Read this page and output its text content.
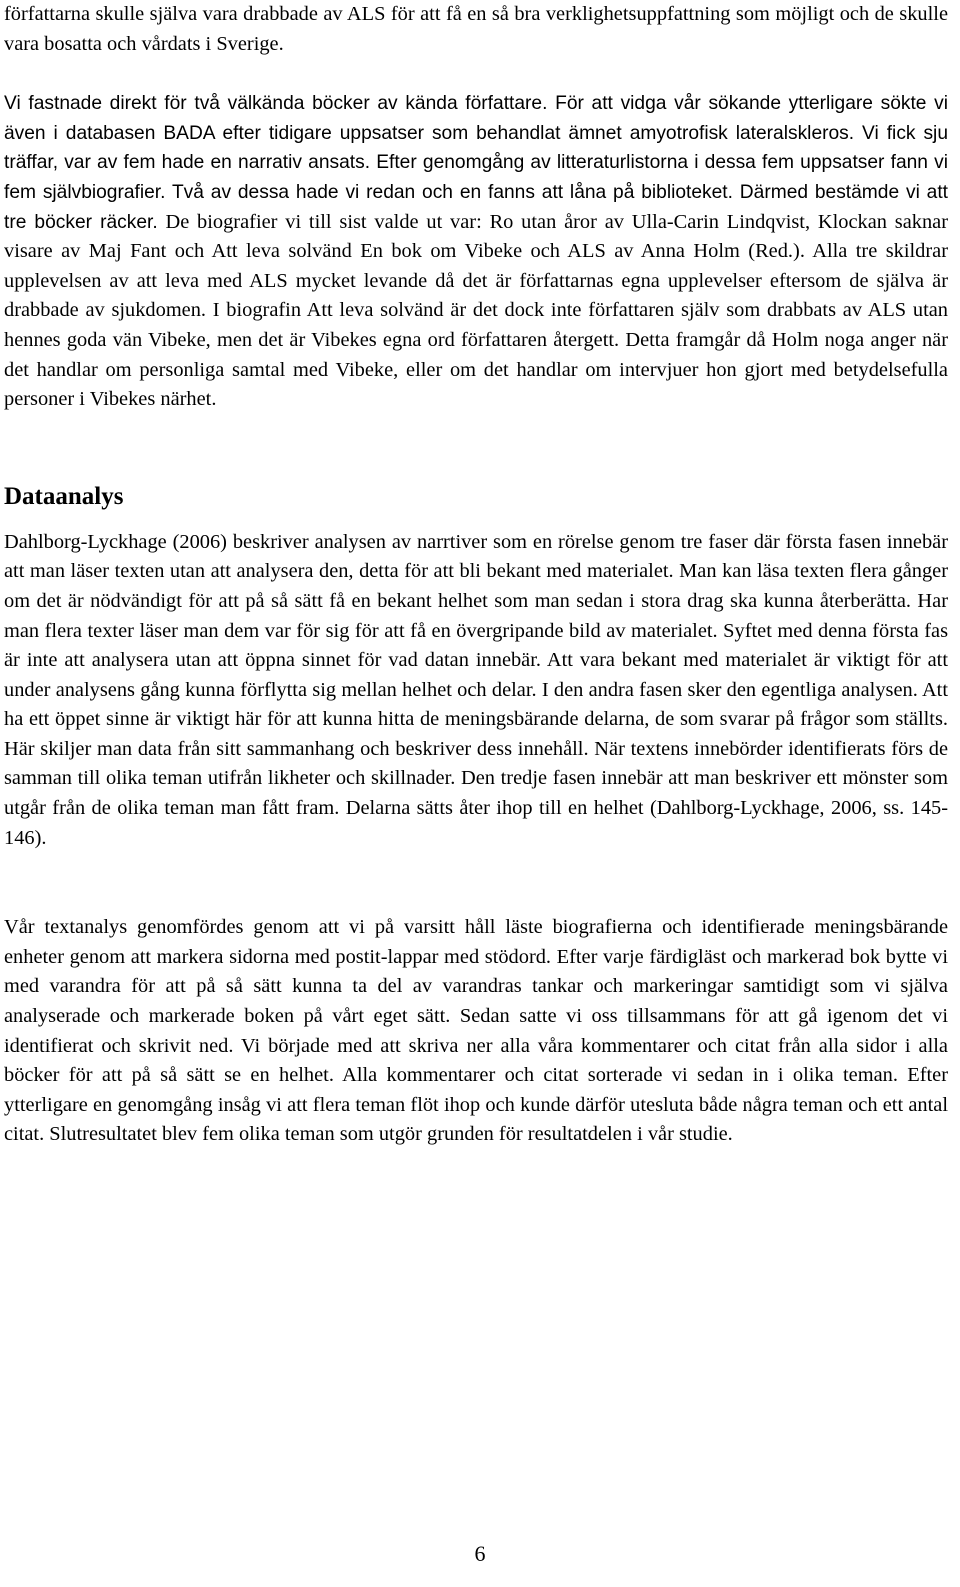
författarna skulle själva vara drabbade av ALS för att få en så bra verklighetsuppfattning som möjligt och de skulle vara bosatta och vårdats i Sverige.

Vi fastnade direkt för två välkända böcker av kända författare. För att vidga vår sökande ytterligare sökte vi även i databasen BADA efter tidigare uppsatser som behandlat ämnet amyotrofisk lateralskleros. Vi fick sju träffar, var av fem hade en narrativ ansats. Efter genomgång av litteraturlistorna i dessa fem uppsatser fann vi fem självbiografier. Två av dessa hade vi redan och en fanns att låna på biblioteket. Därmed bestämde vi att tre böcker räcker. De biografier vi till sist valde ut var: Ro utan åror av Ulla-Carin Lindqvist, Klockan saknar visare av Maj Fant och Att leva solvänd En bok om Vibeke och ALS av Anna Holm (Red.). Alla tre skildrar upplevelsen av att leva med ALS mycket levande då det är författarnas egna upplevelser eftersom de själva är drabbade av sjukdomen. I biografin Att leva solvänd är det dock inte författaren själv som drabbats av ALS utan hennes goda vän Vibeke, men det är Vibekes egna ord författaren återgett. Detta framgår då Holm noga anger när det handlar om personliga samtal med Vibeke, eller om det handlar om intervjuer hon gjort med betydelsefulla personer i Vibekes närhet.

Dataanalys

Dahlborg-Lyckhage (2006) beskriver analysen av narrtiver som en rörelse genom tre faser där första fasen innebär att man läser texten utan att analysera den, detta för att bli bekant med materialet. Man kan läsa texten flera gånger om det är nödvändigt för att på så sätt få en bekant helhet som man sedan i stora drag ska kunna återberätta. Har man flera texter läser man dem var för sig för att få en övergripande bild av materialet. Syftet med denna första fas är inte att analysera utan att öppna sinnet för vad datan innebär. Att vara bekant med materialet är viktigt för att under analysens gång kunna förflytta sig mellan helhet och delar. I den andra fasen sker den egentliga analysen. Att ha ett öppet sinne är viktigt här för att kunna hitta de meningsbärande delarna, de som svarar på frågor som ställts. Här skiljer man data från sitt sammanhang och beskriver dess innehåll. När textens innebörder identifierats förs de samman till olika teman utifrån likheter och skillnader. Den tredje fasen innebär att man beskriver ett mönster som utgår från de olika teman man fått fram. Delarna sätts åter ihop till en helhet (Dahlborg-Lyckhage, 2006, ss. 145-146).

Vår textanalys genomfördes genom att vi på varsitt håll läste biografierna och identifierade meningsbärande enheter genom att markera sidorna med postit-lappar med stödord. Efter varje färdigläst och markerad bok bytte vi med varandra för att på så sätt kunna ta del av varandras tankar och markeringar samtidigt som vi själva analyserade och markerade boken på vårt eget sätt. Sedan satte vi oss tillsammans för att gå igenom det vi identifierat och skrivit ned. Vi började med att skriva ner alla våra kommentarer och citat från alla sidor i alla böcker för att på så sätt se en helhet. Alla kommentarer och citat sorterade vi sedan in i olika teman. Efter ytterligare en genomgång insåg vi att flera teman flöt ihop och kunde därför utesluta både några teman och ett antal citat. Slutresultatet blev fem olika teman som utgör grunden för resultatdelen i vår studie.

6
